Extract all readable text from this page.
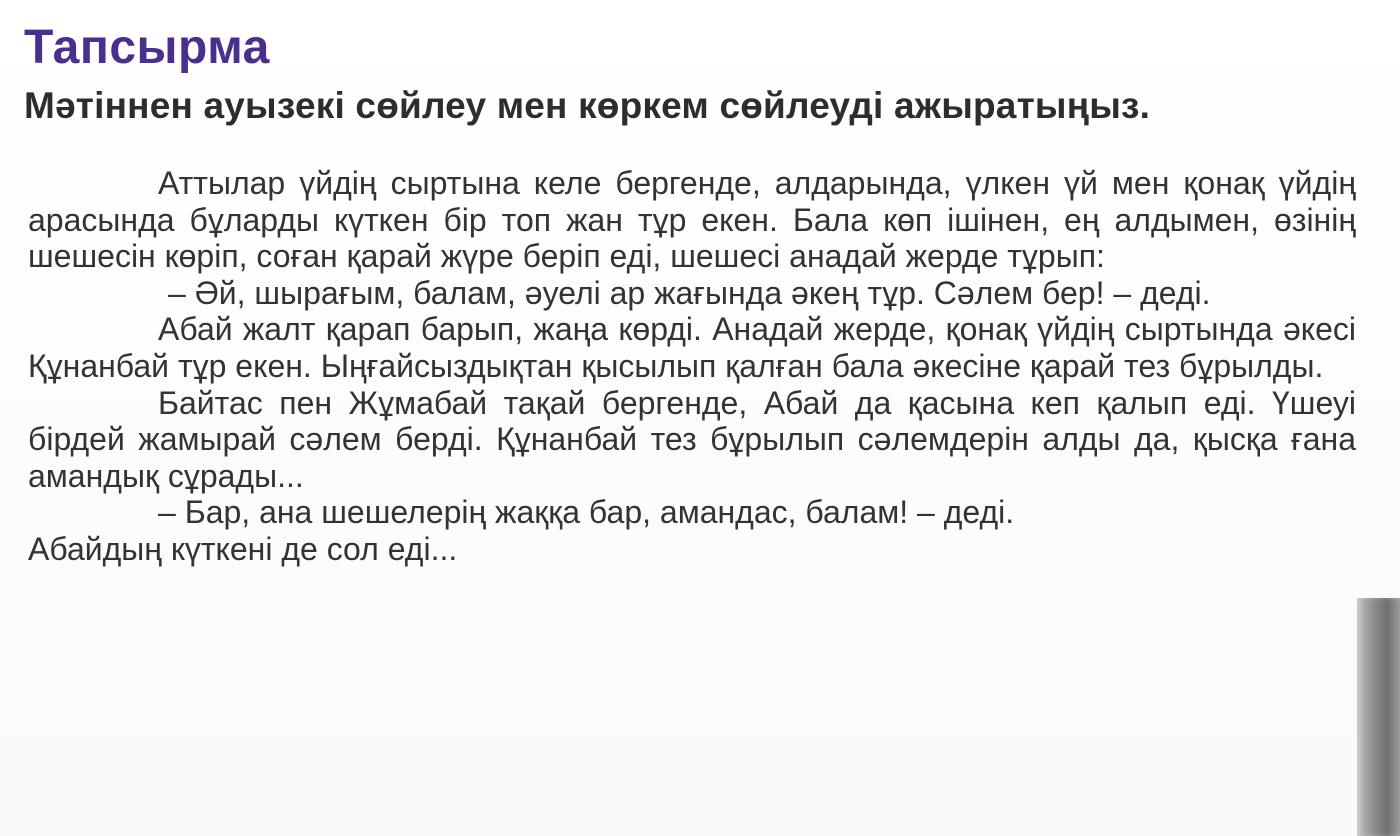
Тапсырма
Мәтіннен ауызекі сөйлеу мен көркем сөйлеуді ажыратыңыз.

Аттылар үйдің сыртына келе бергенде, алдарында, үлкен үй мен қонақ үйдің арасында бұларды күткен бір топ жан тұр екен. Бала көп ішінен, ең алдымен, өзінің шешесін көріп, соған қарай жүре беріп еді, шешесі анадай жерде тұрып:

– Әй, шырағым, балам, әуелі ар жағында әкең тұр. Сәлем бер! – деді.

Абай жалт қарап барып, жаңа көрді. Анадай жерде, қонақ үйдің сыртында әкесі Құнанбай тұр екен. Ыңғайсыздықтан қысылып қалған бала әкесіне қарай тез бұрылды.

Байтас пен Жұмабай тақай бергенде, Абай да қасына кеп қалып еді. Үшеуі бірдей жамырай сәлем берді. Құнанбай тез бұрылып сәлемдерін алды да, қысқа ғана амандық сұрады...

– Бар, ана шешелерің жаққа бар, амандас, балам! – деді.

Абайдың күткені де сол еді...
